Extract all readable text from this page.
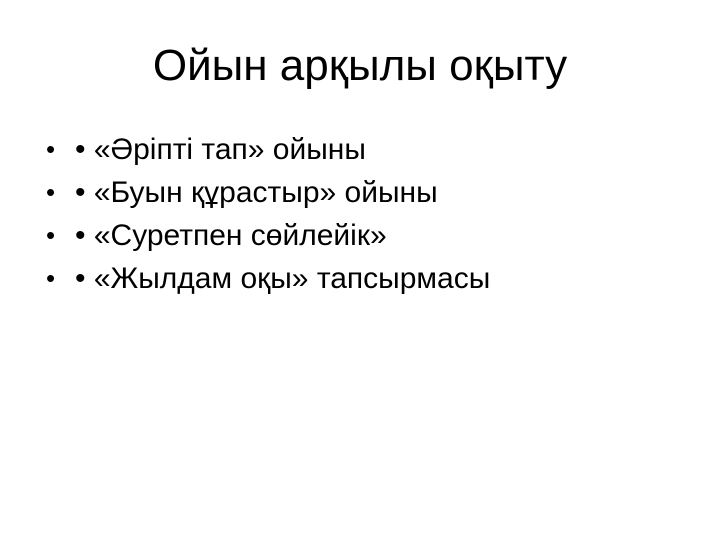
Ойын арқылы оқыту
• • «Әріпті тап» ойыны
• • «Буын құрастыр» ойыны
• • «Суретпен сөйлейік»
• • «Жылдам оқы» тапсырмасы
